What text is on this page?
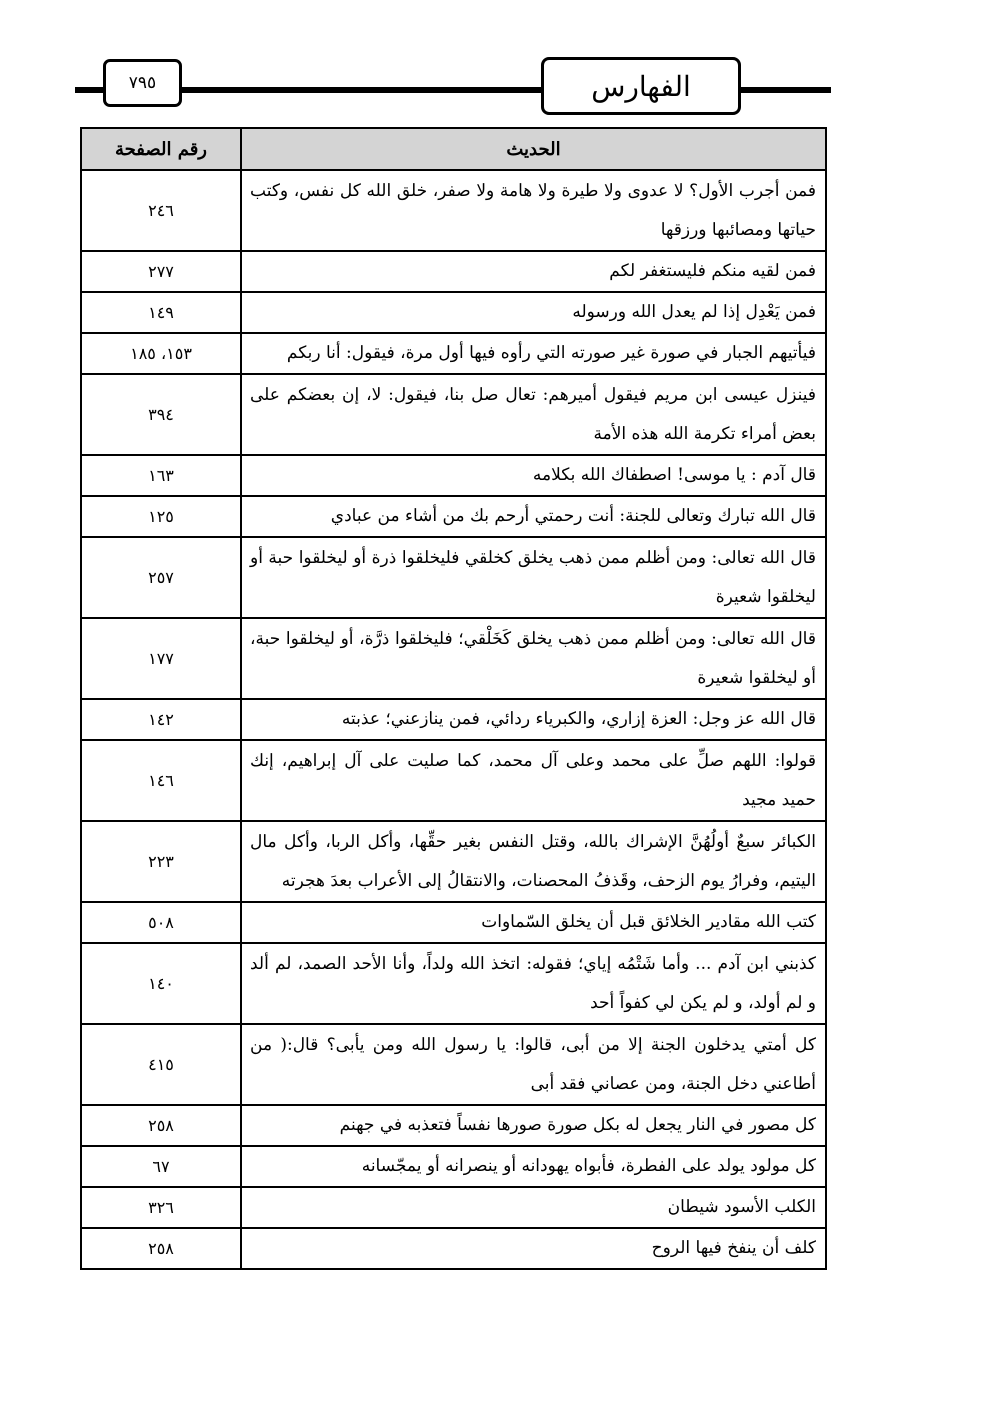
٧٩٥	الفهارس
رقم الصفحة	الحديث
٢٤٦	فمن أجرب الأول؟ لا عدوى ولا طيرة ولا هامة ولا صفر، خلق الله كل نفس، وكتب حياتها ومصائبها ورزقها
٢٧٧	فمن لقيه منكم فليستغفر لكم
١٤٩	فمن يَعْدِل إذا لم يعدل الله ورسوله
١٥٣، ١٨٥	فيأتيهم الجبار في صورة غير صورته التي رأوه فيها أول مرة، فيقول: أنا ربكم
٣٩٤	فينزل عيسى ابن مريم فيقول أميرهم: تعال صل بنا، فيقول: لا، إن بعضكم على بعض أمراء تكرمة الله هذه الأمة
١٦٣	قال آدم : يا موسى! اصطفاك الله بكلامه
١٢٥	قال الله تبارك وتعالى للجنة: أنت رحمتي أرحم بك من أشاء من عبادي
٢٥٧	قال الله تعالى: ومن أظلم ممن ذهب يخلق كخلقي فليخلقوا ذرة أو ليخلقوا حبة أو ليخلقوا شعيرة
١٧٧	قال الله تعالى: ومن أظلم ممن ذهب يخلق كَخَلْقي؛ فليخلقوا ذرَّة، أو ليخلقوا حبة، أو ليخلقوا شعيرة
١٤٢	قال الله عز وجل: العزة إزاري، والكبرياء ردائي، فمن ينازعني؛ عذبته
١٤٦	قولوا: اللهم صلِّ على محمد وعلى آل محمد، كما صليت على آل إبراهيم، إنك حميد مجيد
٢٢٣	الكبائر سبعٌ أولُهُنَّ الإشراك بالله، وقتل النفس بغير حقِّها، وأكل الربا، وأكل مال اليتيم، وفرارُ يوم الزحف، وقَذفُ المحصنات، والانتقالُ إلى الأعراب بعدَ هجرته
٥٠٨	كتب الله مقادير الخلائق قبل أن يخلق السّماوات
١٤٠	كذبني ابن آدم ... وأما شَتْمُه إياي؛ فقوله: اتخذ الله ولداً، وأنا الأحد الصمد، لم ألد و لم أولد، و لم يكن لي كفواً أحد
٤١٥	كل أمتي يدخلون الجنة إلا من أبى، قالوا: يا رسول الله ومن يأبى؟ قال:( من أطاعني دخل الجنة، ومن عصاني فقد أبى
٢٥٨	كل مصور في النار يجعل له بكل صورة صورها نفساً فتعذبه في جهنم
٦٧	كل مولود يولد على الفطرة، فأبواه يهودانه أو ينصرانه أو يمجّسانه
٣٢٦	الكلب الأسود شيطان
٢٥٨	كلف أن ينفخ فيها الروح
